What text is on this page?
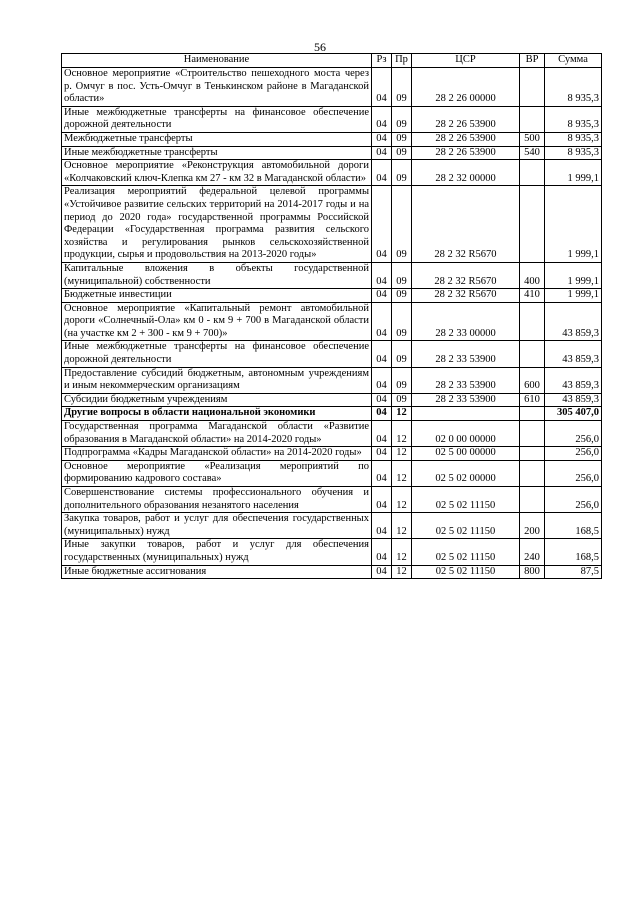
56
Наименование	Рз	Пр	ЦСР	ВР	Сумма
Основное мероприятие «Строительство пешеходного моста через р. Омчуг в пос. Усть-Омчуг в Тенькинском районе в Магаданской области»	04	09	28 2 26 00000		8 935,3
Иные межбюджетные трансферты на финансовое обеспечение дорожной деятельности	04	09	28 2 26 53900		8 935,3
Межбюджетные трансферты	04	09	28 2 26 53900	500	8 935,3
Иные межбюджетные трансферты	04	09	28 2 26 53900	540	8 935,3
Основное мероприятие «Реконструкция автомобильной дороги «Колчаковский ключ-Клепка км 27 - км 32 в Магаданской области»	04	09	28 2 32 00000		1 999,1
Реализация мероприятий федеральной целевой программы «Устойчивое развитие сельских территорий на 2014-2017 годы и на период до 2020 года» государственной программы Российской Федерации «Государственная программа развития сельского хозяйства и регулирования рынков сельскохозяйственной продукции, сырья и продовольствия на 2013-2020 годы»	04	09	28 2 32 R5670		1 999,1
Капитальные вложения в объекты государственной (муниципальной) собственности	04	09	28 2 32 R5670	400	1 999,1
Бюджетные инвестиции	04	09	28 2 32 R5670	410	1 999,1
Основное мероприятие «Капитальный ремонт автомобильной дороги «Солнечный-Ола» км 0 - км 9 + 700 в Магаданской области (на участке км 2 + 300 - км 9 + 700)»	04	09	28 2 33 00000		43 859,3
Иные межбюджетные трансферты на финансовое обеспечение дорожной деятельности	04	09	28 2 33 53900		43 859,3
Предоставление субсидий бюджетным, автономным учреждениям и иным некоммерческим организациям	04	09	28 2 33 53900	600	43 859,3
Субсидии бюджетным учреждениям	04	09	28 2 33 53900	610	43 859,3
Другие вопросы в области национальной экономики	04	12			305 407,0
Государственная программа Магаданской области «Развитие образования в Магаданской области» на 2014-2020 годы»	04	12	02 0 00 00000		256,0
Подпрограмма «Кадры Магаданской области» на 2014-2020 годы»	04	12	02 5 00 00000		256,0
Основное мероприятие «Реализация мероприятий по формированию кадрового состава»	04	12	02 5 02 00000		256,0
Совершенствование системы профессионального обучения и дополнительного образования незанятого населения	04	12	02 5 02 11150		256,0
Закупка товаров, работ и услуг для обеспечения государственных (муниципальных) нужд	04	12	02 5 02 11150	200	168,5
Иные закупки товаров, работ и услуг для обеспечения государственных (муниципальных) нужд	04	12	02 5 02 11150	240	168,5
Иные бюджетные ассигнования	04	12	02 5 02 11150	800	87,5
